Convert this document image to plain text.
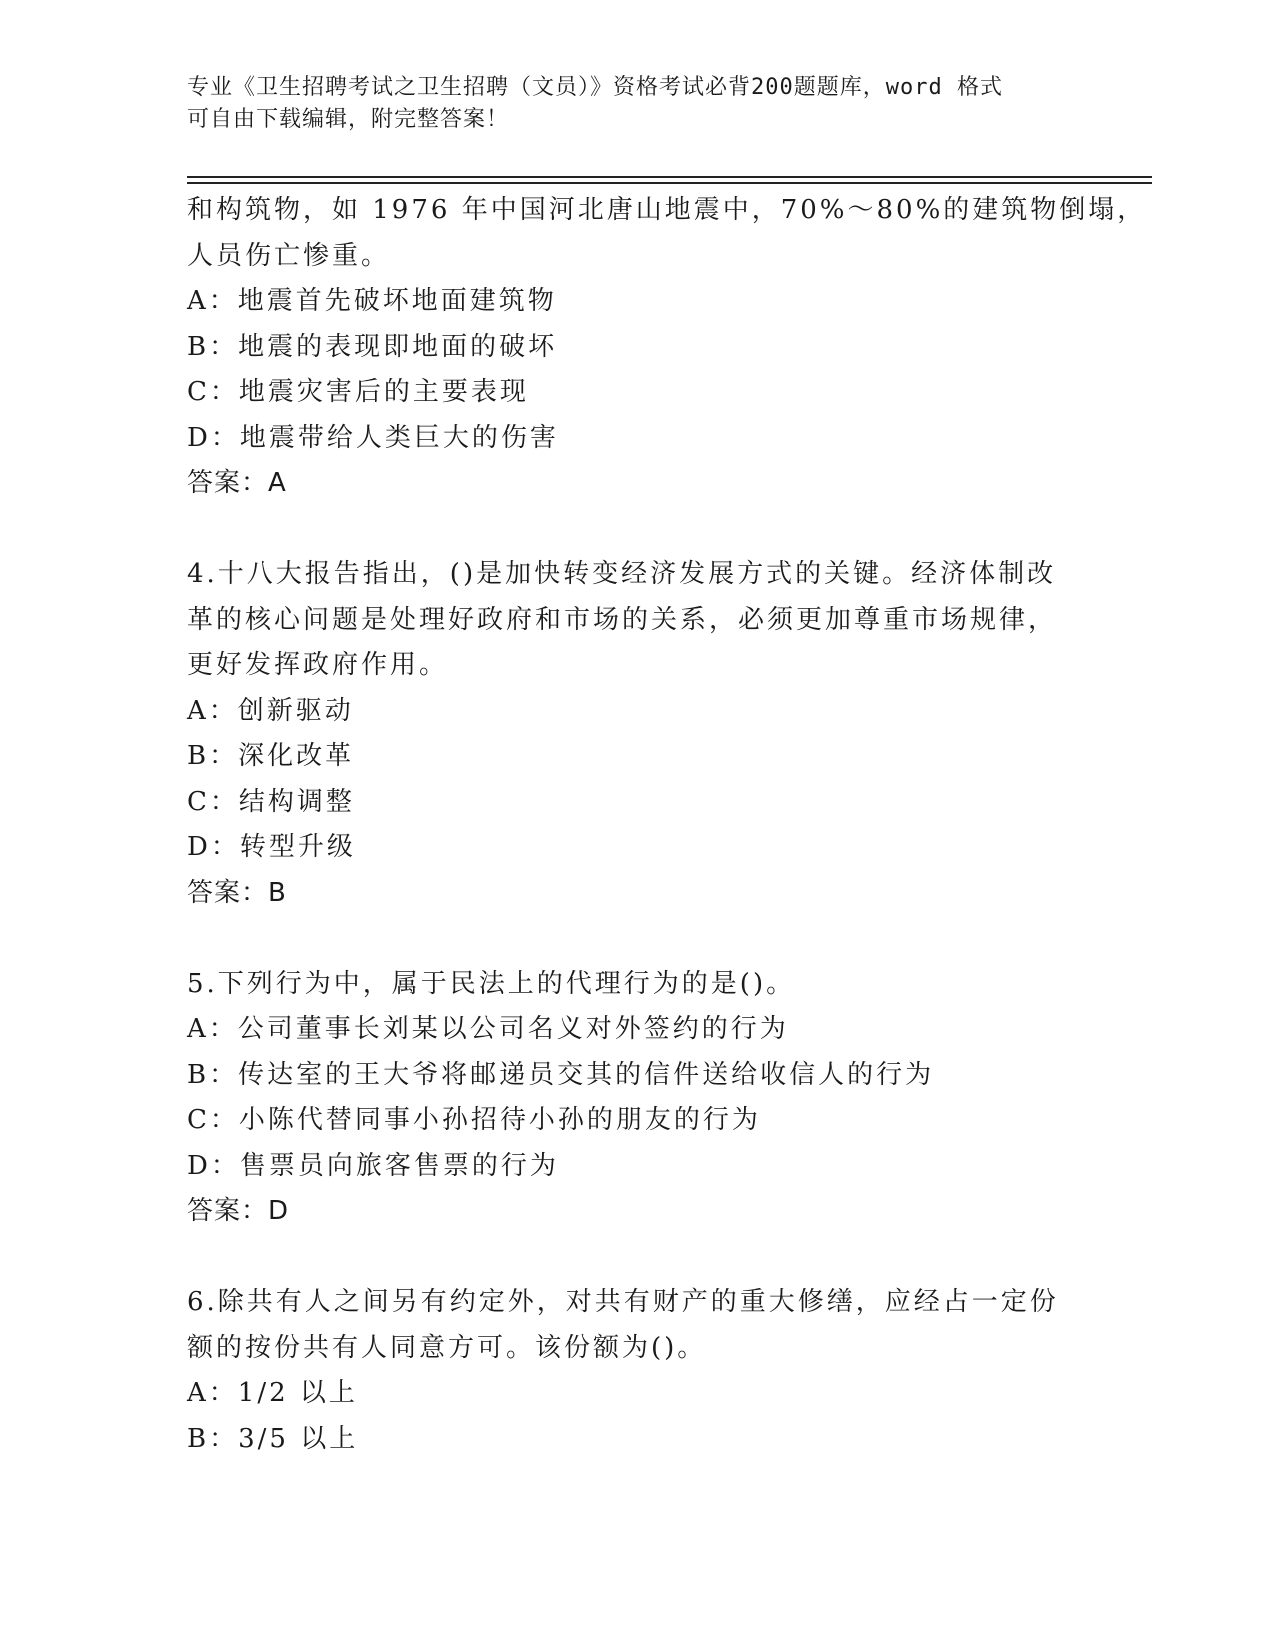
专业《卫生招聘考试之卫生招聘（文员）》资格考试必背200题题库，word 格式
可自由下载编辑，附完整答案！
和构筑物，如 1976 年中国河北唐山地震中，70%～80%的建筑物倒塌，
人员伤亡惨重。
A：地震首先破坏地面建筑物
B：地震的表现即地面的破坏
C：地震灾害后的主要表现
D：地震带给人类巨大的伤害
答案：A
4.十八大报告指出，()是加快转变经济发展方式的关键。经济体制改
革的核心问题是处理好政府和市场的关系，必须更加尊重市场规律，
更好发挥政府作用。
A：创新驱动
B：深化改革
C：结构调整
D：转型升级
答案：B
5.下列行为中，属于民法上的代理行为的是()。
A：公司董事长刘某以公司名义对外签约的行为
B：传达室的王大爷将邮递员交其的信件送给收信人的行为
C：小陈代替同事小孙招待小孙的朋友的行为
D：售票员向旅客售票的行为
答案：D
6.除共有人之间另有约定外，对共有财产的重大修缮，应经占一定份
额的按份共有人同意方可。该份额为()。
A：1/2 以上
B：3/5 以上
